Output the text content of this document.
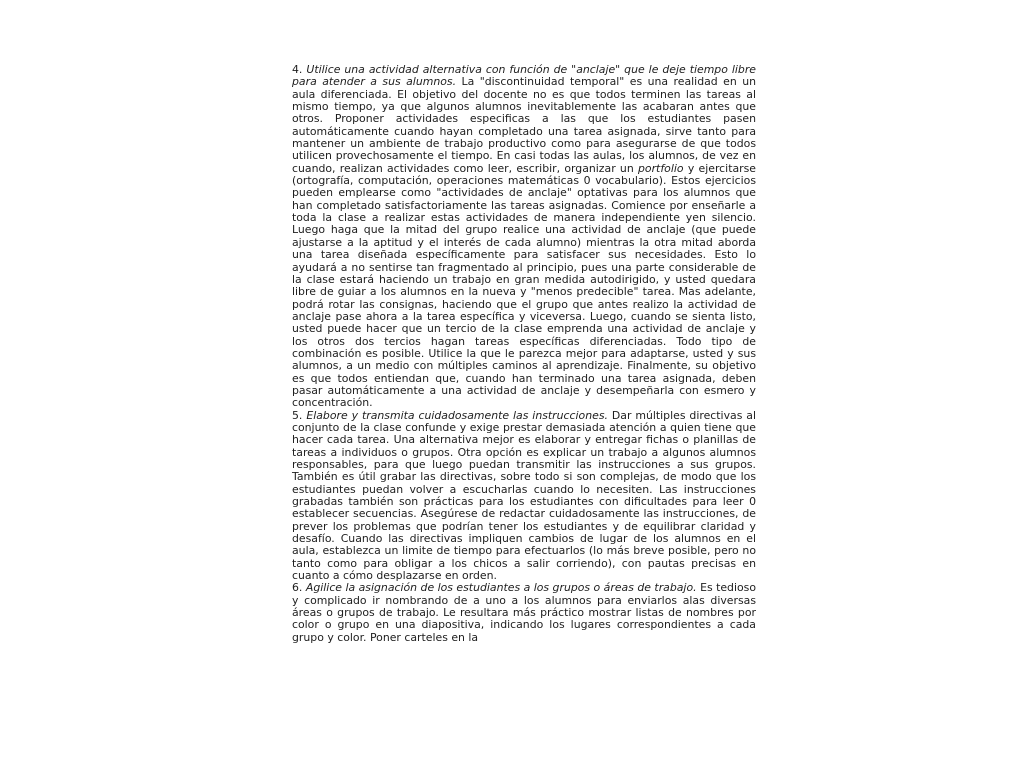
4. Utilice una actividad alternativa con función de "anclaje" que le deje tiempo libre para atender a sus alumnos. La "discontinuidad temporal" es una realidad en un aula diferenciada. El objetivo del docente no es que todos terminen las tareas al mismo tiempo, ya que algunos alumnos inevitablemente las acabaran antes que otros. Proponer actividades especificas a las que los estudiantes pasen automáticamente cuando hayan completado una tarea asignada, sirve tanto para mantener un ambiente de trabajo productivo como para asegurarse de que todos utilicen provechosamente el tiempo. En casi todas las aulas, los alumnos, de vez en cuando, realizan actividades como leer, escribir, organizar un portfolio y ejercitarse (ortografía, computación, operaciones matemáticas 0 vocabulario). Estos ejercicios pueden emplearse como "actividades de anclaje" optativas para los alumnos que han completado satisfactoriamente las tareas asignadas. Comience por enseñarle a toda la clase a realizar estas actividades de manera independiente yen silencio. Luego haga que la mitad del grupo realice una actividad de anclaje (que puede ajustarse a la aptitud y el interés de cada alumno) mientras la otra mitad aborda una tarea diseñada específicamente para satisfacer sus necesidades. Esto lo ayudará a no sentirse tan fragmentado al principio, pues una parte considerable de la clase estará haciendo un trabajo en gran medida autodirigido, y usted quedara libre de guiar a los alumnos en la nueva y "menos predecible" tarea. Mas adelante, podrá rotar las consignas, haciendo que el grupo que antes realizo la actividad de anclaje pase ahora a la tarea específica y viceversa. Luego, cuando se sienta listo, usted puede hacer que un tercio de la clase emprenda una actividad de anclaje y los otros dos tercios hagan tareas específicas diferenciadas. Todo tipo de combinación es posible. Utilice la que le parezca mejor para adaptarse, usted y sus alumnos, a un medio con múltiples caminos al aprendizaje. Finalmente, su objetivo es que todos entiendan que, cuando han terminado una tarea asignada, deben pasar automáticamente a una actividad de anclaje y desempeñarla con esmero y concentración.

5. Elabore y transmita cuidadosamente las instrucciones. Dar múltiples directivas al conjunto de la clase confunde y exige prestar demasiada atención a quien tiene que hacer cada tarea. Una alternativa mejor es elaborar y entregar fichas o planillas de tareas a individuos o grupos. Otra opción es explicar un trabajo a algunos alumnos responsables, para que luego puedan transmitir las instrucciones a sus grupos. También es útil grabar las directivas, sobre todo si son complejas, de modo que los estudiantes puedan volver a escucharlas cuando lo necesiten. Las instrucciones grabadas también son prácticas para los estudiantes con dificultades para leer 0 establecer secuencias. Asegúrese de redactar cuidadosamente las instrucciones, de prever los problemas que podrían tener los estudiantes y de equilibrar claridad y desafío. Cuando las directivas impliquen cambios de lugar de los alumnos en el aula, establezca un limite de tiempo para efectuarlos (lo más breve posible, pero no tanto como para obligar a los chicos a salir corriendo), con pautas precisas en cuanto a cómo desplazarse en orden.

6. Agilice la asignación de los estudiantes a los grupos o áreas de trabajo. Es tedioso y complicado ir nombrando de a uno a los alumnos para enviarlos alas diversas áreas o grupos de trabajo. Le resultara más práctico mostrar listas de nombres por color o grupo en una diapositiva, indicando los lugares correspondientes a cada grupo y color. Poner carteles en la
